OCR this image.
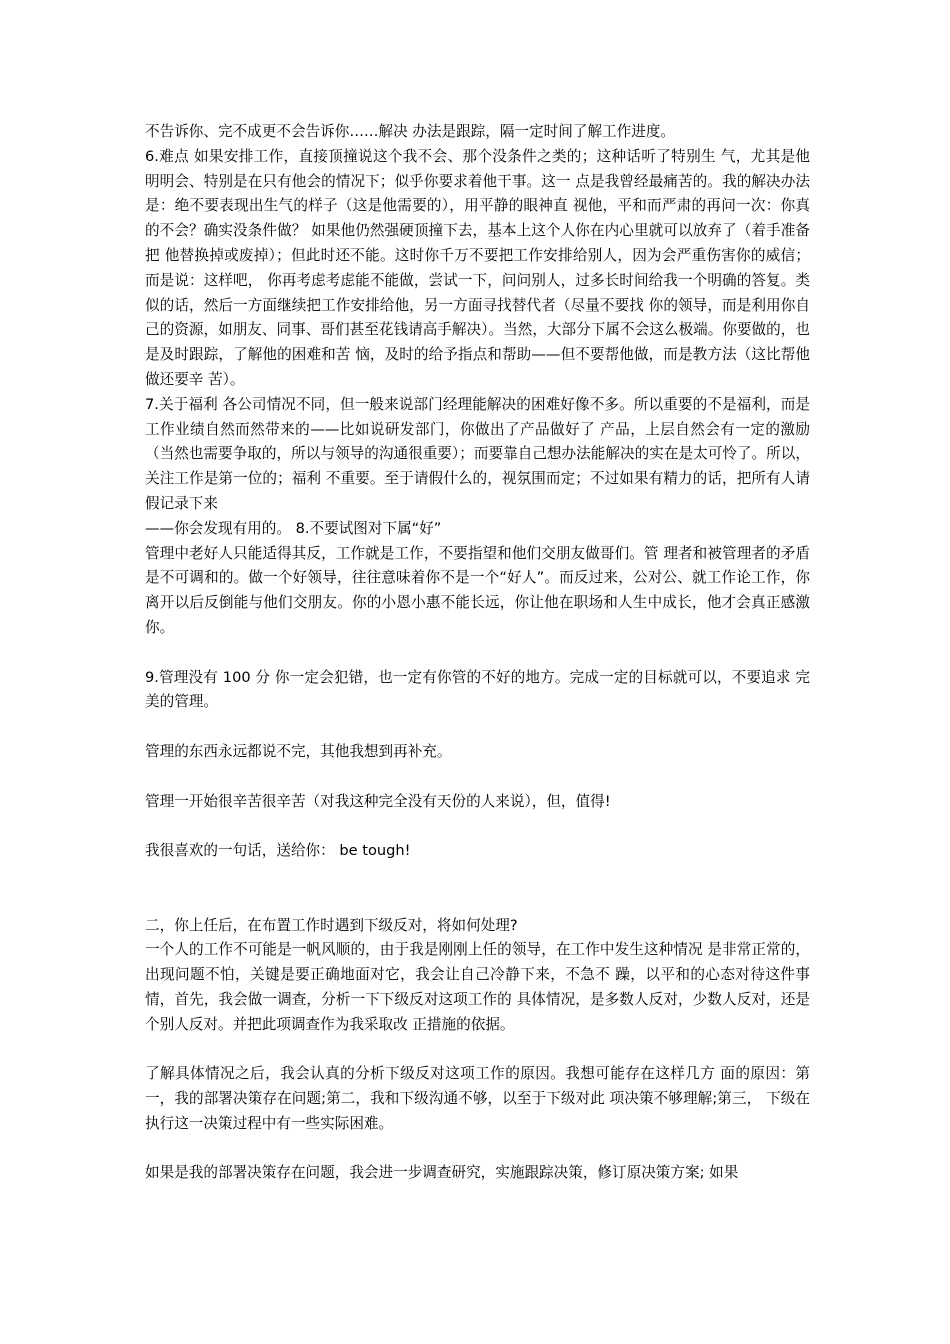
不告诉你、完不成更不会告诉你……解决 办法是跟踪，隔一定时间了解工作进度。

6.难点 如果安排工作，直接顶撞说这个我不会、那个没条件之类的；这种话听了特别生 气，尤其是他明明会、特别是在只有他会的情况下；似乎你要求着他干事。这一 点是我曾经最痛苦的。我的解决办法是：绝不要表现出生气的样子（这是他需要的），用平静的眼神直 视他，平和而严肃的再问一次：你真的不会？确实没条件做？ 如果他仍然强硬顶撞下去，基本上这个人你在内心里就可以放弃了（着手准备把 他替换掉或废掉）；但此时还不能。这时你千万不要把工作安排给别人，因为会严重伤害你的威信；而是说：这样吧， 你再考虑考虑能不能做，尝试一下，问问别人，过多长时间给我一个明确的答复。类似的话，然后一方面继续把工作安排给他，另一方面寻找替代者（尽量不要找 你的领导，而是利用你自己的资源，如朋友、同事、哥们甚至花钱请高手解决）。当然，大部分下属不会这么极端。你要做的，也是及时跟踪，了解他的困难和苦 恼，及时的给予指点和帮助——但不要帮他做，而是教方法（这比帮他做还要辛 苦）。

7.关于福利 各公司情况不同，但一般来说部门经理能解决的困难好像不多。所以重要的不是福利，而是工作业绩自然而然带来的——比如说研发部门，你做出了产品做好了 产品，上层自然会有一定的激励（当然也需要争取的，所以与领导的沟通很重要）；而要靠自己想办法能解决的实在是太可怜了。所以，关注工作是第一位的；福利 不重要。至于请假什么的，视氛围而定；不过如果有精力的话，把所有人请假记录下来

——你会发现有用的。 8.不要试图对下属“好”

管理中老好人只能适得其反，工作就是工作，不要指望和他们交朋友做哥们。管 理者和被管理者的矛盾是不可调和的。做一个好领导，往往意味着你不是一个“好人”。而反过来，公对公、就工作论工作，你离开以后反倒能与他们交朋友。你的小恩小惠不能长远，你让他在职场和人生中成长，他才会真正感激你。

9.管理没有 100 分 你一定会犯错，也一定有你管的不好的地方。完成一定的目标就可以，不要追求 完美的管理。

管理的东西永远都说不完，其他我想到再补充。

管理一开始很辛苦很辛苦（对我这种完全没有天份的人来说），但，值得!

我很喜欢的一句话，送给你： be tough!

二，你上任后，在布置工作时遇到下级反对，将如何处理?

一个人的工作不可能是一帆风顺的，由于我是刚刚上任的领导，在工作中发生这种情况 是非常正常的，出现问题不怕，关键是要正确地面对它，我会让自己冷静下来，不急不 躁，以平和的心态对待这件事情，首先，我会做一调查，分析一下下级反对这项工作的 具体情况，是多数人反对，少数人反对，还是个别人反对。并把此项调查作为我采取改 正措施的依据。

了解具体情况之后，我会认真的分析下级反对这项工作的原因。我想可能存在这样几方 面的原因：第一，我的部署决策存在问题;第二，我和下级沟通不够，以至于下级对此 项决策不够理解;第三， 下级在执行这一决策过程中有一些实际困难。

如果是我的部署决策存在问题，我会进一步调查研究，实施跟踪决策，修订原决策方案; 如果
